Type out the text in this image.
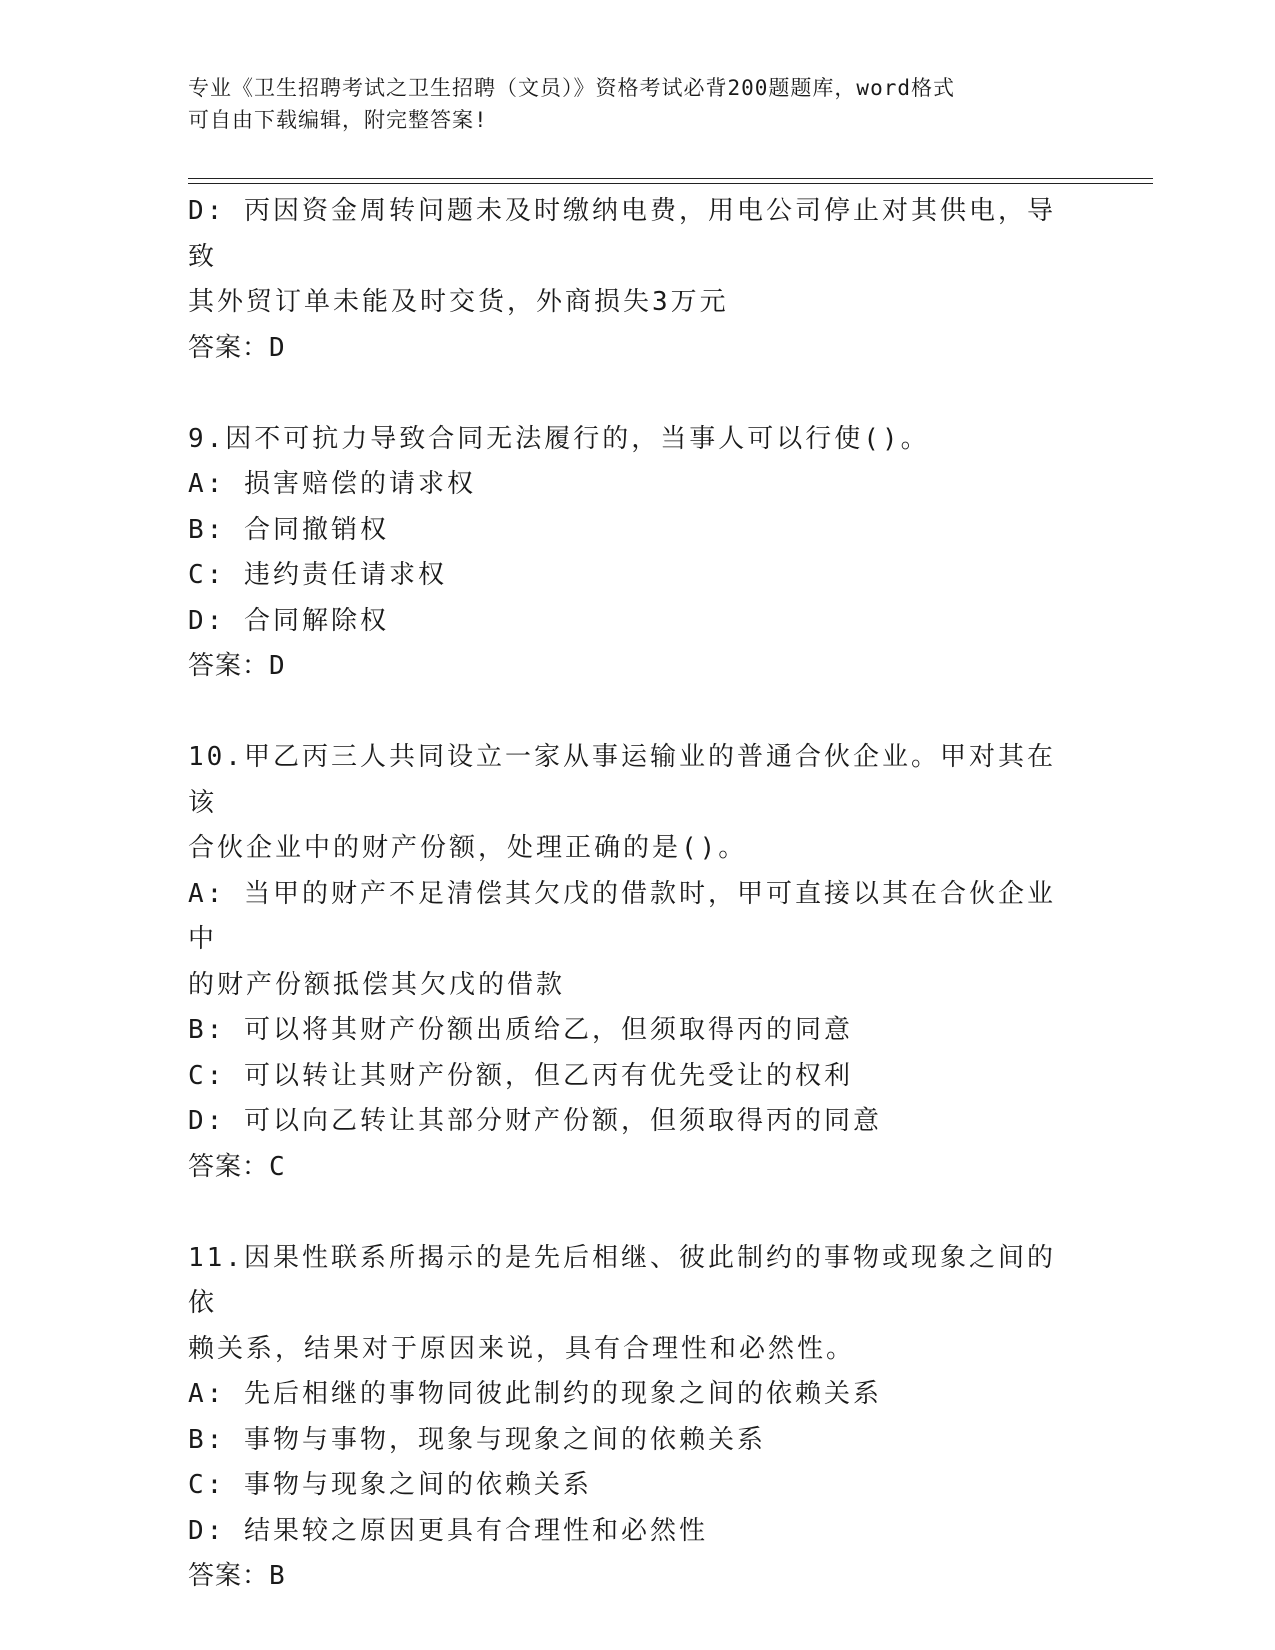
专业《卫生招聘考试之卫生招聘（文员）》资格考试必背200题题库，word格式

可自由下载编辑，附完整答案!

D: 丙因资金周转问题未及时缴纳电费，用电公司停止对其供电，导致

其外贸订单未能及时交货，外商损失3万元

答案：D

9.因不可抗力导致合同无法履行的，当事人可以行使()。

A: 损害赔偿的请求权

B: 合同撤销权

C: 违约责任请求权

D: 合同解除权

答案：D

10.甲乙丙三人共同设立一家从事运输业的普通合伙企业。甲对其在该

合伙企业中的财产份额，处理正确的是()。

A: 当甲的财产不足清偿其欠戊的借款时，甲可直接以其在合伙企业中

的财产份额抵偿其欠戊的借款

B: 可以将其财产份额出质给乙，但须取得丙的同意

C: 可以转让其财产份额，但乙丙有优先受让的权利

D: 可以向乙转让其部分财产份额，但须取得丙的同意

答案：C

11.因果性联系所揭示的是先后相继、彼此制约的事物或现象之间的依

赖关系，结果对于原因来说，具有合理性和必然性。

A: 先后相继的事物同彼此制约的现象之间的依赖关系

B: 事物与事物，现象与现象之间的依赖关系

C: 事物与现象之间的依赖关系

D: 结果较之原因更具有合理性和必然性

答案：B
